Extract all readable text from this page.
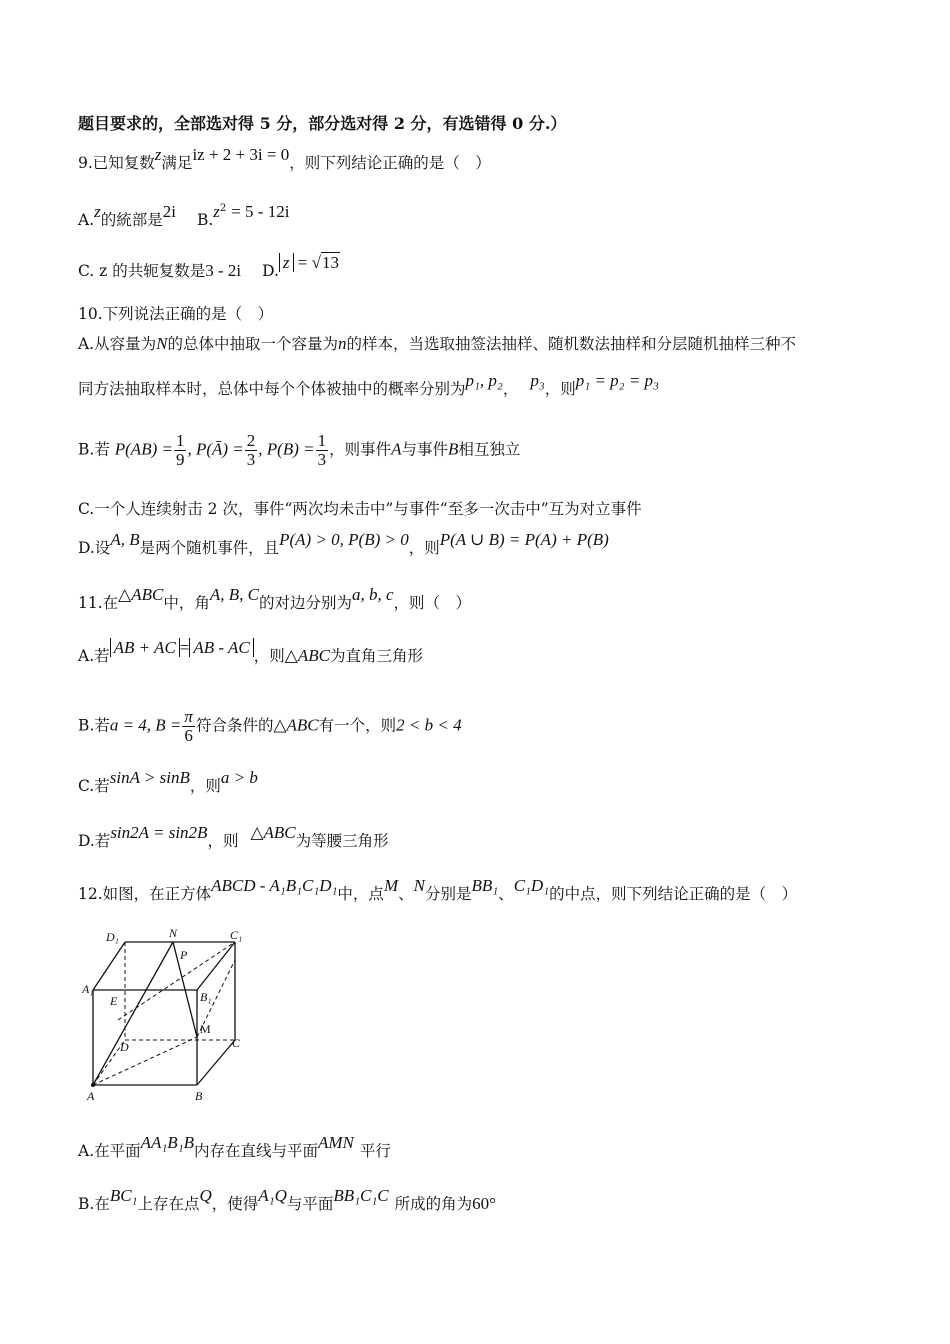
题目要求的，全部选对得 5 分，部分选对得 2 分，有选错得 0 分.）
9.已知复数z满足iz + 2 + 3i = 0，则下列结论正确的是（　）
A.z的統部是2i $B.z^2 = 5 - 12i$
C. z 的共轭复数是3 - 2i D. z = √13
10.下列说法正确的是（　）
A.从容量为N的总体中抽取一个容量为n的样本，当选取抽签法抽样、随机数法抽样和分层随机抽样三种不
同方法抽取样本时，总体中每个个体被抽中的概率分别为p₁, p₂， p₃，则p₁ = p₂ = p₃
B.若 $P(AB) = \frac{1}{9}$ , P(Ā) = $\frac{2}{3}$ , $P(B) = \frac{1}{3}$ ，则事件A与事件B相互独立
C.一个人连续射击 2 次，事件“两次均未击中”与事件“至多一次击中”互为对立事件
D.设A, B是两个随机事件，且P(A) > 0, P(B) > 0，则P(A ∪ B) = P(A) + P(B)
11.在△ABC中，角A, B, C的对边分别为a, b, c，则（　）
A.若 AB + AC = AB - AC ，则△ABC为直角三角形
B.若a = 4, $B = \frac{\pi}{6}$ 符合条件的△ABC有一个，则2 < b < 4
C.若sinA > sinB，则a > b
D.若sin2A = sin2B，则 △ABC为等腰三角形
12.如图，在正方体ABCD - A₁B₁C₁D₁中，点M、N分别是BB₁、C₁D₁的中点，则下列结论正确的是（　）
D₁	N	C₁
P
A₁
E	B₁
M
D	C
A	B
A.在平面AA₁B₁B内存在直线与平面AMN 平行
B.在BC₁上存在点Q，使得A₁Q与平面BB₁C₁C 所成的角为60°
